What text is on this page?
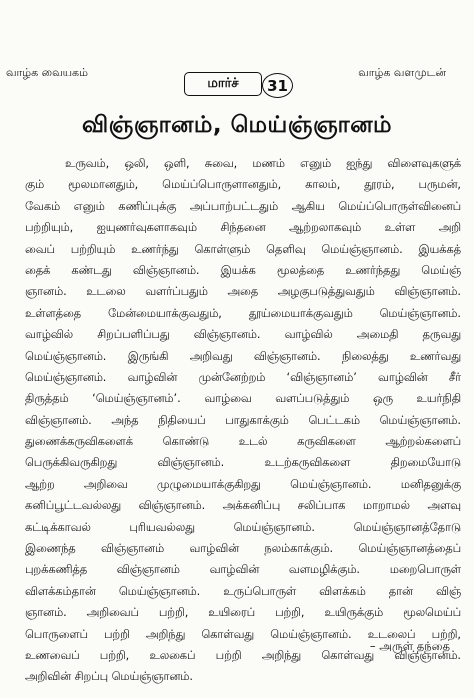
வாழ்க வையகம்
மார்ச் 31
வாழ்க வளமுடன்
விஞ்ஞானம், மெய்ஞ்ஞானம்
உருவம், ஒலி, ஒளி, சுவை, மணம் எனும் ஐந்து விளைவுகளுக்
கும் மூலமானதும், மெய்ப்பொருளானதும், காலம், தூரம், பருமன்,
வேகம் எனும் கணிப்புக்கு அப்பாற்பட்டதும் ஆகிய மெய்ப்பொருள்வினைப்
பற்றியும், ஐயுணர்வுகளாகவும் சிந்தனை ஆற்றலாகவும் உள்ள அறி
வைப் பற்றியும் உணர்ந்து கொள்ளும் தெளிவு மெய்ஞ்ஞானம். இயக்கத்
தைக் கண்டது விஞ்ஞானம். இயக்க மூலத்தை உணர்ந்தது மெய்ஞ்
ஞானம். உடலை வளர்ப்பதும் அதை அழகுபடுத்துவதும் விஞ்ஞானம்.
உள்ளத்தை மேன்மையாக்குவதும், தூய்மையாக்குவதும் மெய்ஞ்ஞானம்.
வாழ்வில் சிறப்பளிப்பது விஞ்ஞானம். வாழ்வில் அமைதி தருவது
மெய்ஞ்ஞானம். இருங்கி அறிவது விஞ்ஞானம். நிலைத்து உணர்வது
மெய்ஞ்ஞானம். வாழ்வின் முன்னேற்றம் ‘விஞ்ஞானம்’ வாழ்வின் சீர்
திருத்தம் ‘மெய்ஞ்ஞானம்’. வாழ்வை வளப்படுத்தும் ஒரு உயர்நிதி
விஞ்ஞானம். அந்த நிதியைப் பாதுகாக்கும் பெட்டகம் மெய்ஞ்ஞானம்.
துணைக்கருவிகளைக் கொண்டு உடல் கருவிகளை ஆற்றல்களைப்
பெருக்கிவருகிறது விஞ்ஞானம். உடற்கருவிகளை திறமையோடு
ஆற்ற அறிவை முழுமையாக்குகிறது மெய்ஞ்ஞானம். மனிதனுக்கு
கனிப்பூட்டவல்லது விஞ்ஞானம். அக்கனிப்பு சலிப்பாக மாறாமல் அளவு
கட்டிக்காவல் புரியவல்லது மெய்ஞ்ஞானம். மெய்ஞ்ஞானத்தோடு
இணைந்த விஞ்ஞானம் வாழ்வின் நலம்காக்கும். மெய்ஞ்ஞானத்தைப்
புறக்கணித்த விஞ்ஞானம் வாழ்வின் வளமழிக்கும். மறைபொருள்
விளக்கம்தான் மெய்ஞ்ஞானம். உருப்பொருள் விளக்கம் தான் விஞ்
ஞானம். அறிவைப் பற்றி, உயிரைப் பற்றி, உயிருக்கும் மூலமெய்ப்
பொருளைப் பற்றி அறிந்து கொள்வது மெய்ஞ்ஞானம். உடலைப் பற்றி,
உணவைப் பற்றி, உலகைப் பற்றி அறிந்து கொள்வது விஞ்ஞானம்.
அறிவின் சிறப்பு மெய்ஞ்ஞானம்.
– அருள் தந்தை
